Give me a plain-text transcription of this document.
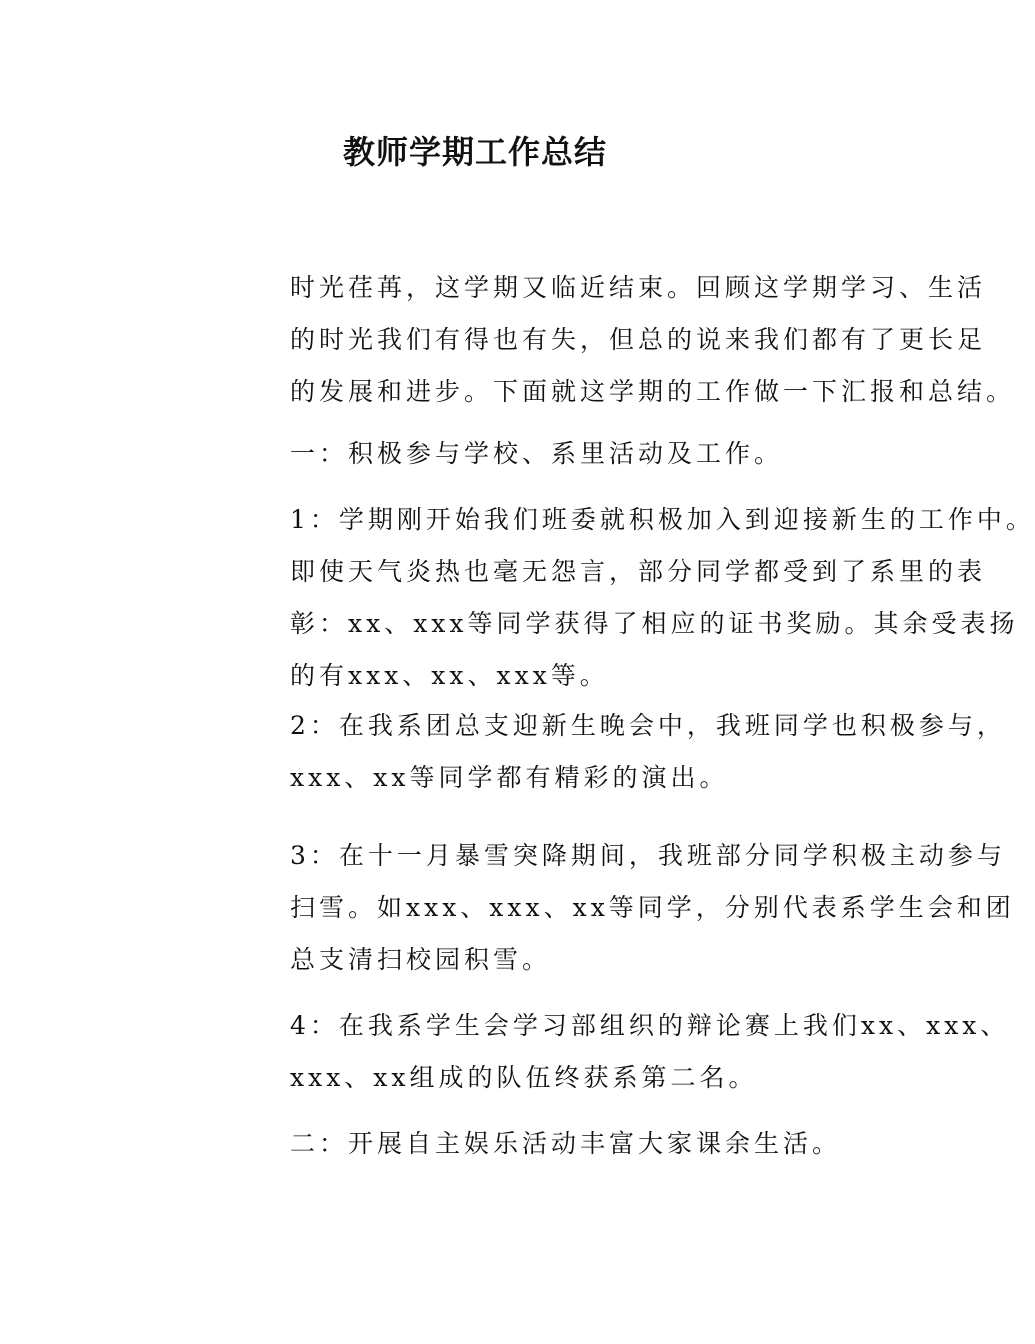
教师学期工作总结

时光荏苒，这学期又临近结束。回顾这学期学习、生活
的时光我们有得也有失，但总的说来我们都有了更长足
的发展和进步。下面就这学期的工作做一下汇报和总结。

一：积极参与学校、系里活动及工作。

1：学期刚开始我们班委就积极加入到迎接新生的工作中。
即使天气炎热也毫无怨言，部分同学都受到了系里的表
彰：xx、xxx等同学获得了相应的证书奖励。其余受表扬
的有xxx、xx、xxx等。

2：在我系团总支迎新生晚会中，我班同学也积极参与，
xxx、xx等同学都有精彩的演出。

3：在十一月暴雪突降期间，我班部分同学积极主动参与
扫雪。如xxx、xxx、xx等同学，分别代表系学生会和团
总支清扫校园积雪。

4：在我系学生会学习部组织的辩论赛上我们xx、xxx、
xxx、xx组成的队伍终获系第二名。

二：开展自主娱乐活动丰富大家课余生活。
